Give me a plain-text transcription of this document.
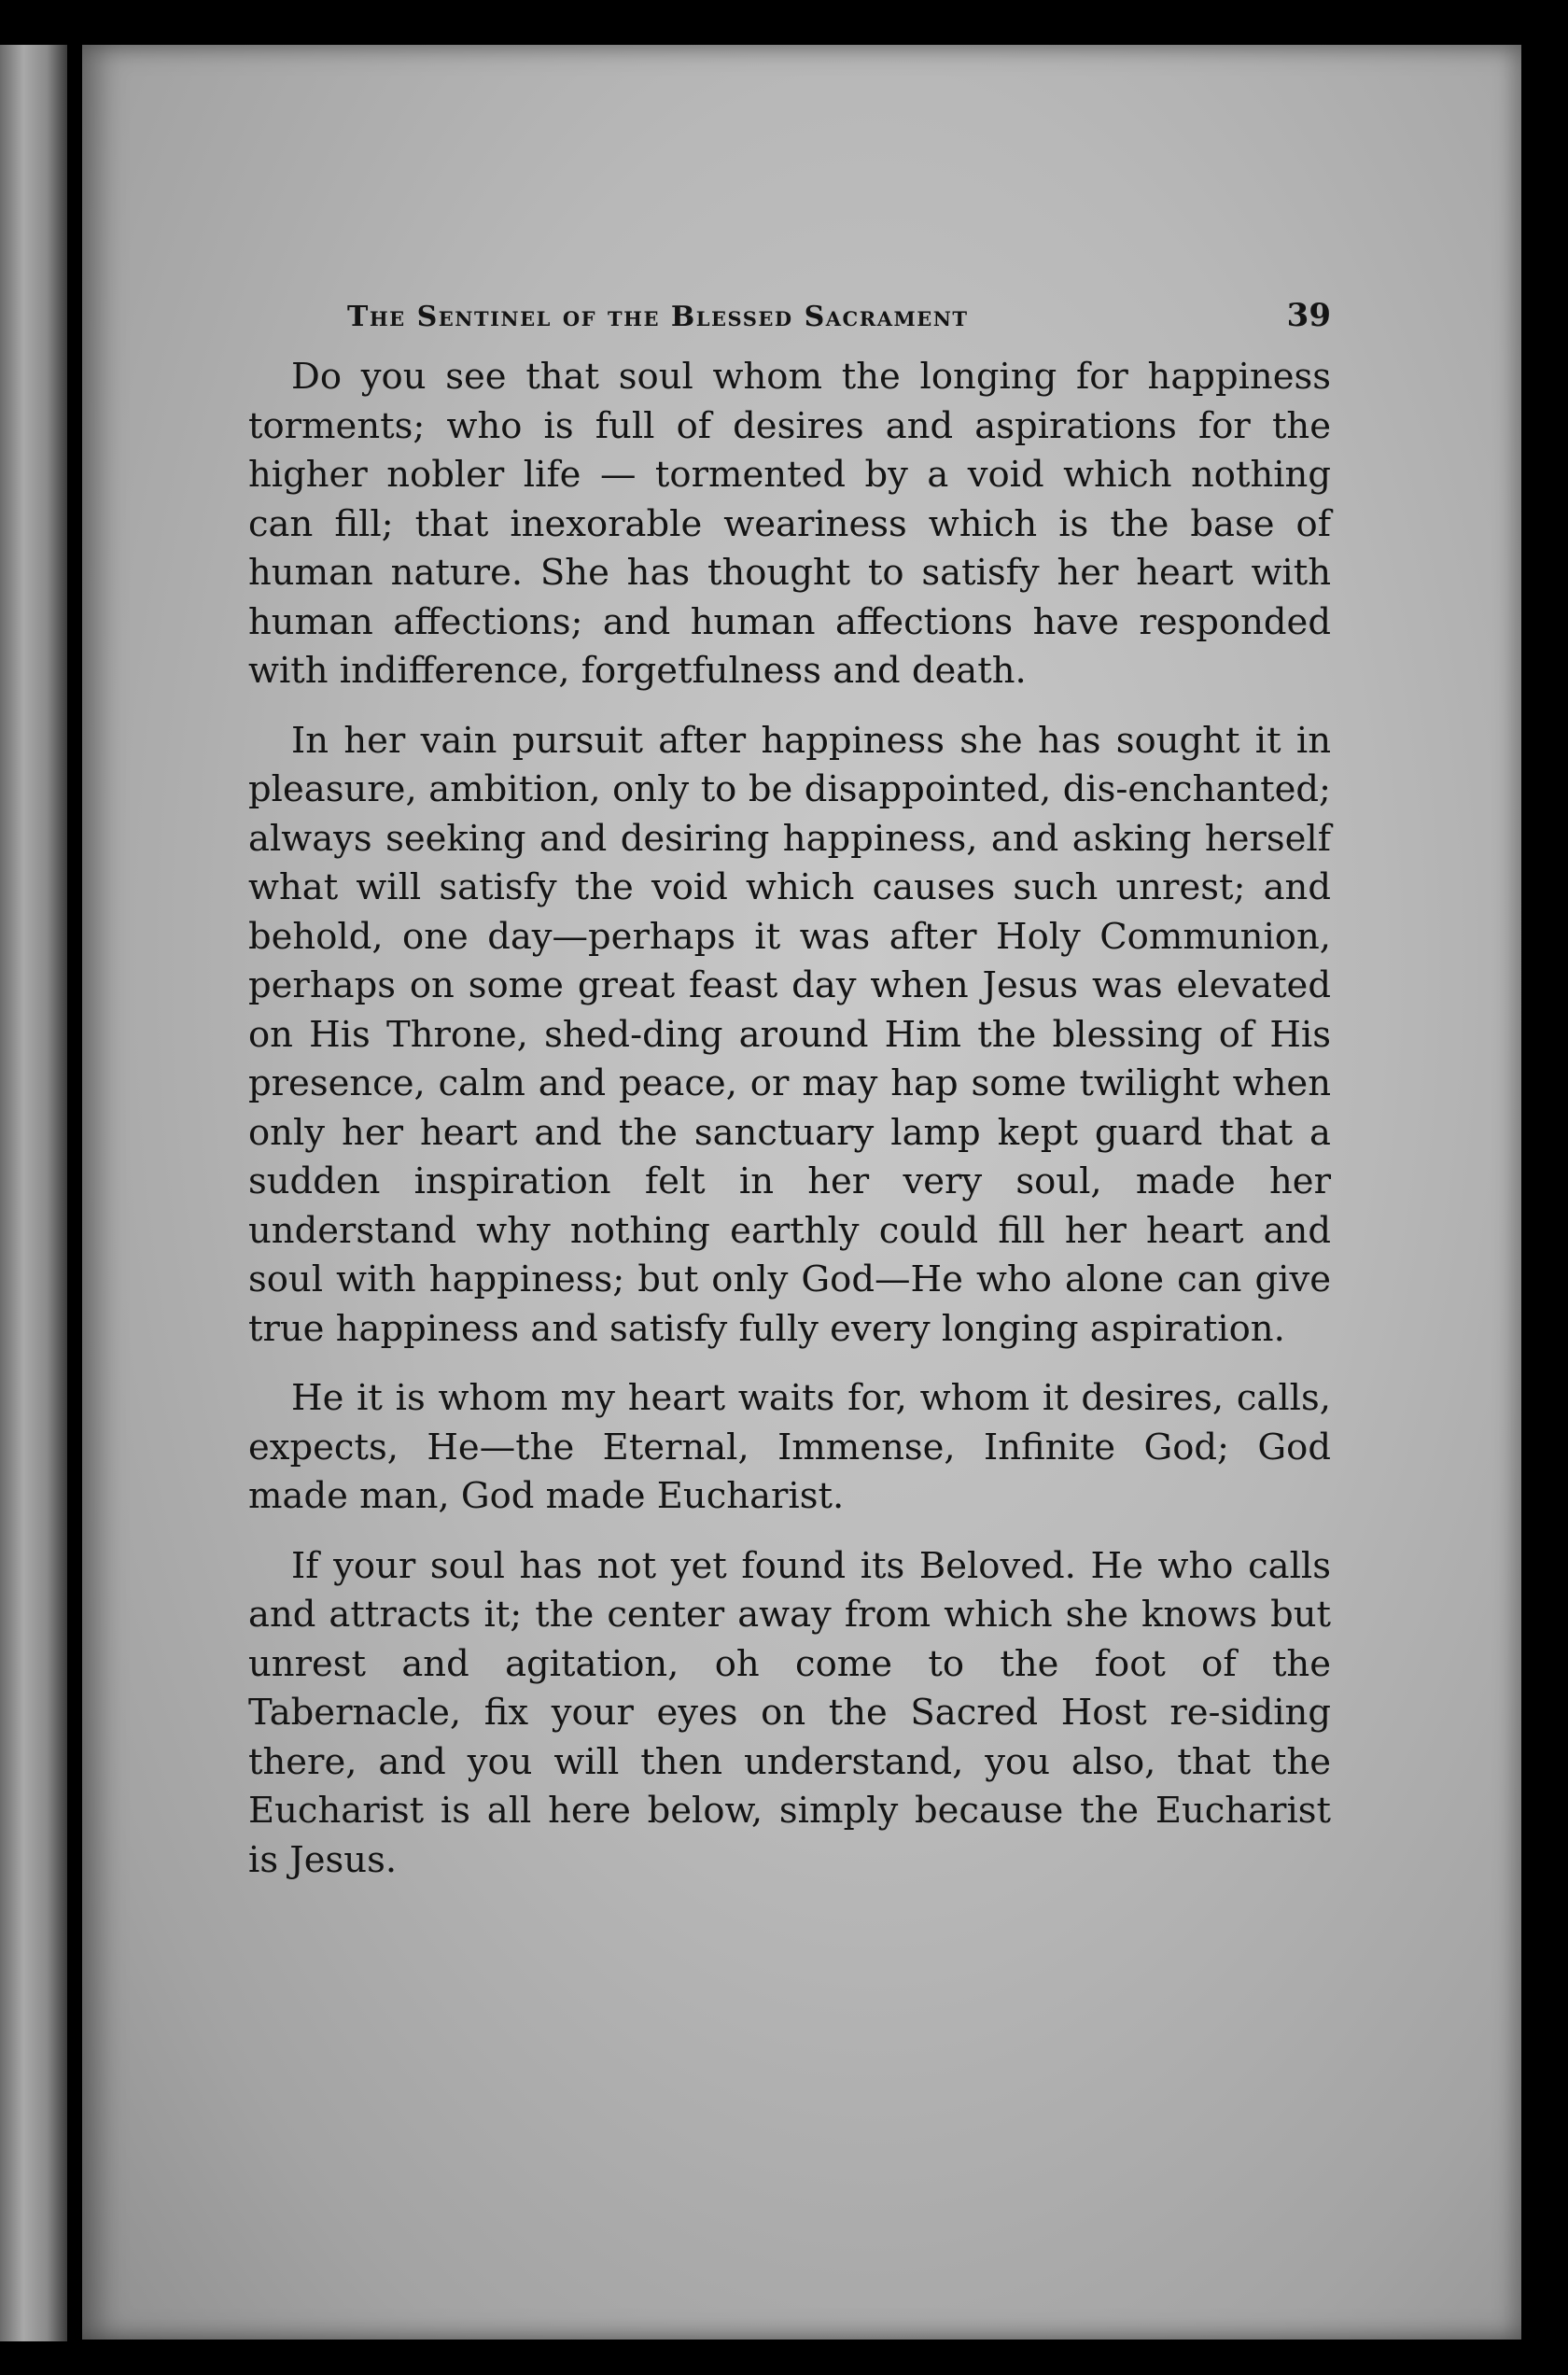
The Sentinel of the Blessed Sacrament	39

Do you see that soul whom the longing for happiness torments; who is full of desires and aspirations for the higher nobler life — tormented by a void which nothing can fill; that inexorable weariness which is the base of human nature. She has thought to satisfy her heart with human affections; and human affections have responded with indifference, forgetfulness and death.

In her vain pursuit after happiness she has sought it in pleasure, ambition, only to be disappointed, dis-enchanted; always seeking and desiring happiness, and asking herself what will satisfy the void which causes such unrest; and behold, one day—perhaps it was after Holy Communion, perhaps on some great feast day when Jesus was elevated on His Throne, shed-ding around Him the blessing of His presence, calm and peace, or may hap some twilight when only her heart and the sanctuary lamp kept guard that a sudden inspiration felt in her very soul, made her understand why nothing earthly could fill her heart and soul with happiness; but only God—He who alone can give true happiness and satisfy fully every longing aspiration.

He it is whom my heart waits for, whom it desires, calls, expects, He—the Eternal, Immense, Infinite God; God made man, God made Eucharist.

If your soul has not yet found its Beloved. He who calls and attracts it; the center away from which she knows but unrest and agitation, oh come to the foot of the Tabernacle, fix your eyes on the Sacred Host re-siding there, and you will then understand, you also, that the Eucharist is all here below, simply because the Eucharist is Jesus.
